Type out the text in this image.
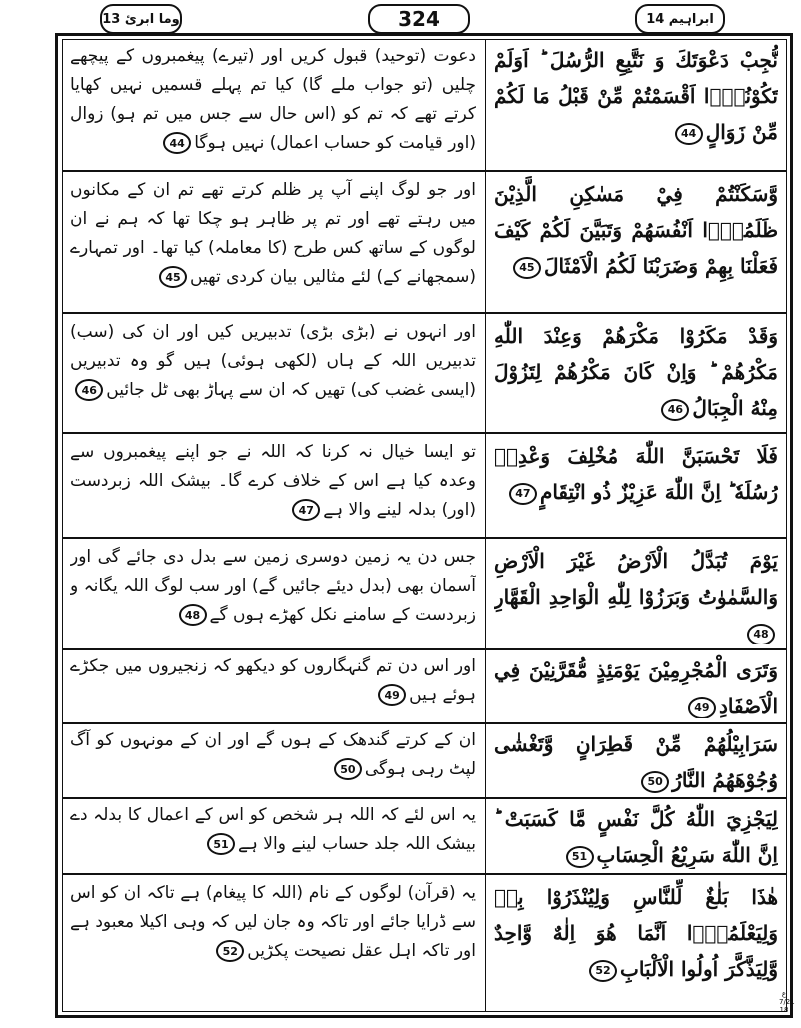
وما ابرئ 13	324	ابراہیم 14
نُّجِبْ دَعْوَتَكَ وَ نَتَّبِعِ الرُّسُلَ ؕ اَوَلَمْ تَكُوْنُوْۤا اَقْسَمْتُمْ مِّنْ قَبْلُ مَا لَكُمْ مِّنْ زَوَالٍ44
دعوت (توحید) قبول کریں اور (تیرے) پیغمبروں کے پیچھے چلیں (تو جواب ملے گا) کیا تم پہلے قسمیں نہیں کھایا کرتے تھے کہ تم کو (اس حال سے جس میں تم ہو) زوال (اور قیامت کو حساب اعمال) نہیں ہوگا44
وَّسَكَنْتُمْ فِيْ مَسٰكِنِ الَّذِيْنَ ظَلَمُوْۤا اَنْفُسَهُمْ وَتَبَيَّنَ لَكُمْ كَيْفَ فَعَلْنَا بِهِمْ وَضَرَبْنَا لَكُمُ الْاَمْثَالَ45
اور جو لوگ اپنے آپ پر ظلم کرتے تھے تم ان کے مکانوں میں رہتے تھے اور تم پر ظاہر ہو چکا تھا کہ ہم نے ان لوگوں کے ساتھ کس طرح (کا معاملہ) کیا تھا۔ اور تمہارے (سمجھانے کے) لئے مثالیں بیان کردی تھیں45
وَقَدْ مَكَرُوْا مَكْرَهُمْ وَعِنْدَ اللّٰهِ مَكْرُهُمْ ؕ وَاِنْ كَانَ مَكْرُهُمْ لِتَزُوْلَ مِنْهُ الْجِبَالُ46
اور انہوں نے (بڑی بڑی) تدبیریں کیں اور ان کی (سب) تدبیریں اللہ کے ہاں (لکھی ہوئی) ہیں گو وہ تدبیریں (ایسی غضب کی) تھیں کہ ان سے پہاڑ بھی ٹل جائیں46
فَلَا تَحْسَبَنَّ اللّٰهَ مُخْلِفَ وَعْدِهٖ رُسُلَهٗ ؕ اِنَّ اللّٰهَ عَزِيْزٌ ذُو انْتِقَامٍ47
تو ایسا خیال نہ کرنا کہ اللہ نے جو اپنے پیغمبروں سے وعدہ کیا ہے اس کے خلاف کرے گا۔ بیشک اللہ زبردست (اور) بدلہ لینے والا ہے47
يَوْمَ تُبَدَّلُ الْاَرْضُ غَيْرَ الْاَرْضِ وَالسَّمٰوٰتُ وَبَرَزُوْا لِلّٰهِ الْوَاحِدِ الْقَهَّارِ48
جس دن یہ زمین دوسری زمین سے بدل دی جائے گی اور آسمان بھی (بدل دیئے جائیں گے) اور سب لوگ اللہ یگانہ و زبردست کے سامنے نکل کھڑے ہوں گے48
وَتَرَى الْمُجْرِمِيْنَ يَوْمَئِذٍ مُّقَرَّنِيْنَ فِي الْاَصْفَادِ49
اور اس دن تم گنہگاروں کو دیکھو کہ زنجیروں میں جکڑے ہوئے ہیں49
سَرَابِيْلُهُمْ مِّنْ قَطِرَانٍ وَّتَغْشٰى وُجُوْهَهُمُ النَّارُ50
ان کے کرتے گندھک کے ہوں گے اور ان کے مونہوں کو آگ لپٹ رہی ہوگی50
لِيَجْزِيَ اللّٰهُ كُلَّ نَفْسٍ مَّا كَسَبَتْ ؕ اِنَّ اللّٰهَ سَرِيْعُ الْحِسَابِ51
یہ اس لئے کہ اللہ ہر شخص کو اس کے اعمال کا بدلہ دے بیشک اللہ جلد حساب لینے والا ہے51
هٰذَا بَلٰغٌ لِّلنَّاسِ وَلِيُنْذَرُوْا بِهٖ وَلِيَعْلَمُوْۤا اَنَّمَا هُوَ اِلٰهٌ وَّاحِدٌ وَّلِيَذَّكَّرَ اُولُوا الْاَلْبَابِ52
یہ (قرآن) لوگوں کے نام (اللہ کا پیغام) ہے تاکہ ان کو اس سے ڈرایا جائے اور تاکہ وہ جان لیں کہ وہی اکیلا معبود ہے اور تاکہ اہل عقل نصیحت پکڑیں52
ع 7/21 18
